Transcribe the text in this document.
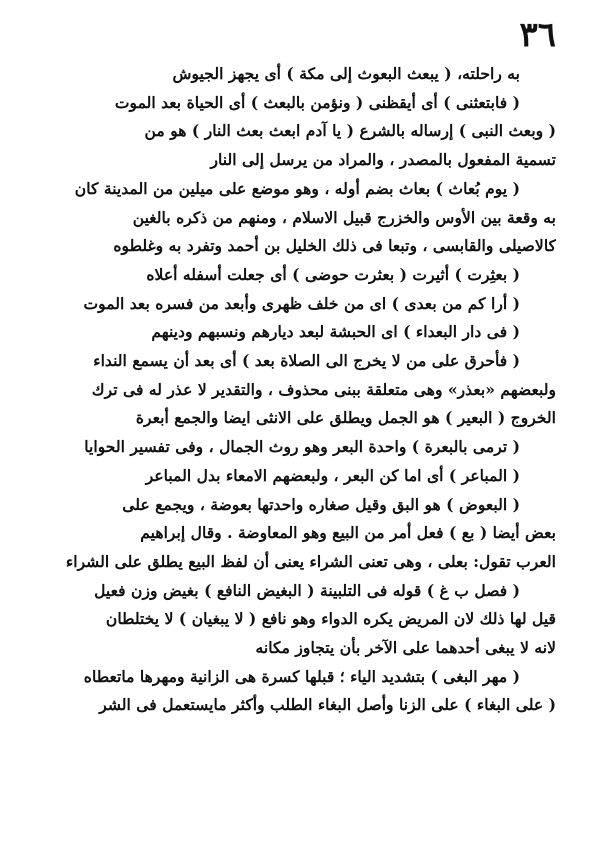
٣٦
به راحلته، ( يبعث البعوث إلى مكة ) أى يجهز الجيوش
( فابتعثنى ) أى أيقظنى ( ونؤمن بالبعث ) أى الحياة بعد الموت
( وبعث النبى ) إرساله بالشرع ( يا آدم ابعث بعث النار ) هو من
تسمية المفعول بالمصدر ، والمراد من يرسل إلى النار
( يوم بُعاث ) بعاث بضم أوله ، وهو موضع على ميلين من المدينة كان
به وقعة بين الأوس والخزرج قبيل الاسلام ، ومنهم من ذكره بالغين
كالاصيلى والقابسى ، وتبعا فى ذلك الخليل بن أحمد وتفرد به وغلطوه
( بعثِرت ) أثيرت ( بعثرت حوضى ) أى جعلت أسفله أعلاه
( أرا كم من بعدى ) اى من خلف ظهرى وأبعد من فسره بعد الموت
( فى دار البعداء ) اى الحبشة لبعد ديارهم ونسبهم ودينهم
( فأحرق على من لا يخرج الى الصلاة بعد ) أى بعد أن يسمع النداء
ولبعضهم «بعذر» وهى متعلقة ببنى محذوف ، والتقدير لا عذر له فى ترك
الخروج ( البعير ) هو الجمل ويطلق على الانثى ايضا والجمع أبعرة
( ترمى بالبعرة ) واحدة البعر وهو روث الجمال ، وفى تفسير الحوايا
( المباعر ) أى اما كن البعر ، ولبعضهم الامعاء بدل المباعر
( البعوض ) هو البق وقيل صغاره واحدتها بعوضة ، ويجمع على
بعض أيضا ( بع ) فعل أمر من البيع وهو المعاوضة . وقال إبراهيم
العرب تقول: بعلى ، وهى تعنى الشراء يعنى أن لفظ البيع يطلق على الشراء
( فصل ب غ ) قوله فى التلبينة ( البغيض النافع ) بغيض وزن فعيل
قيل لها ذلك لان المريض يكره الدواء وهو نافع ( لا يبغيان ) لا يختلطان
لانه لا يبغى أحدهما على الآخر بأن يتجاوز مكانه
( مهر البغى ) بتشديد الياء ؛ قبلها كسرة هى الزانية ومهرها ماتعطاه
( على البغاء ) على الزنا وأصل البغاء الطلب وأكثر مايستعمل فى الشر
